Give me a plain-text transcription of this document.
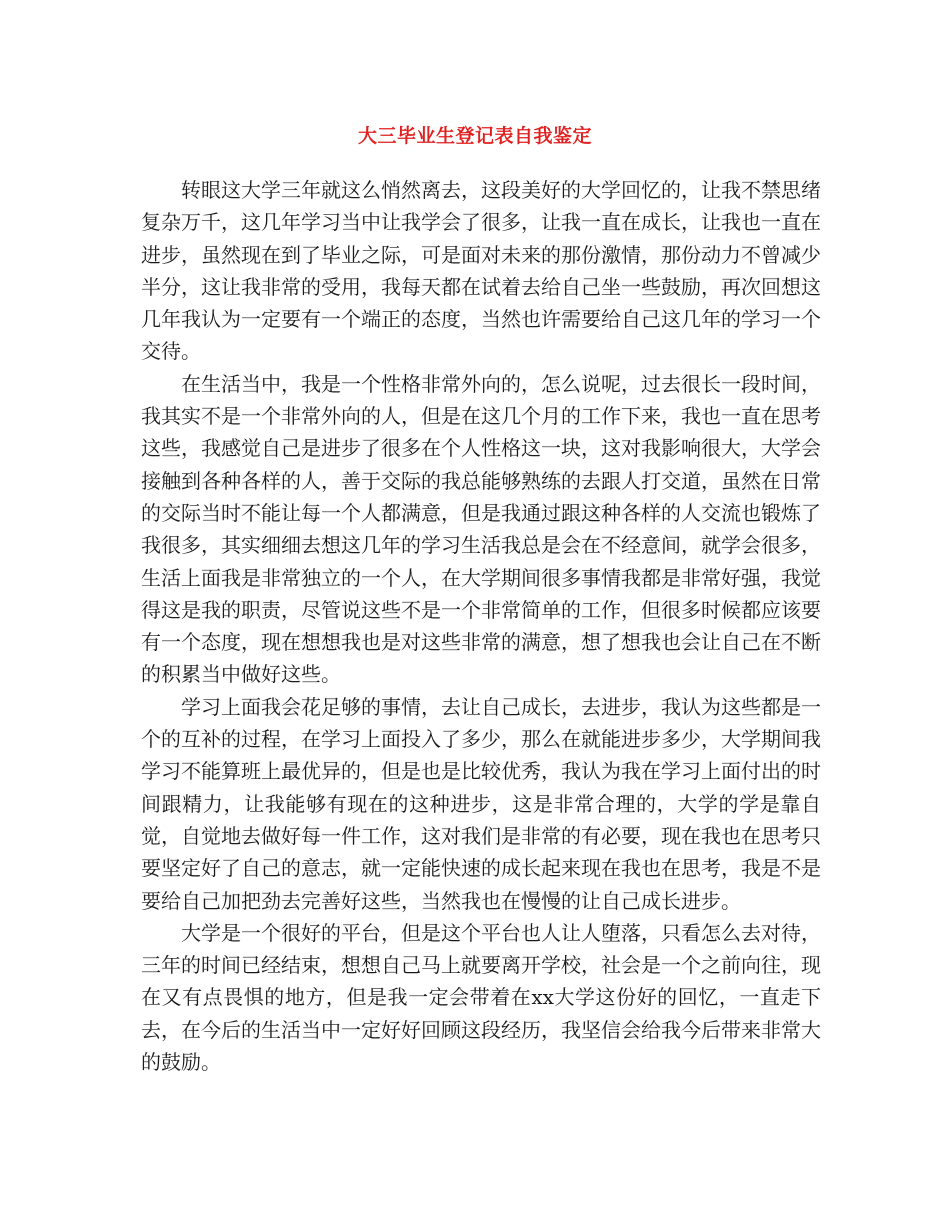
大三毕业生登记表自我鉴定

转眼这大学三年就这么悄然离去，这段美好的大学回忆的，让我不禁思绪复杂万千，这几年学习当中让我学会了很多，让我一直在成长，让我也一直在进步，虽然现在到了毕业之际，可是面对未来的那份激情，那份动力不曾减少半分，这让我非常的受用，我每天都在试着去给自己坐一些鼓励，再次回想这几年我认为一定要有一个端正的态度，当然也许需要给自己这几年的学习一个交待。

在生活当中，我是一个性格非常外向的，怎么说呢，过去很长一段时间，我其实不是一个非常外向的人，但是在这几个月的工作下来，我也一直在思考这些，我感觉自己是进步了很多在个人性格这一块，这对我影响很大，大学会接触到各种各样的人，善于交际的我总能够熟练的去跟人打交道，虽然在日常的交际当时不能让每一个人都满意，但是我通过跟这种各样的人交流也锻炼了我很多，其实细细去想这几年的学习生活我总是会在不经意间，就学会很多，生活上面我是非常独立的一个人，在大学期间很多事情我都是非常好强，我觉得这是我的职责，尽管说这些不是一个非常简单的工作，但很多时候都应该要有一个态度，现在想想我也是对这些非常的满意，想了想我也会让自己在不断的积累当中做好这些。

学习上面我会花足够的事情，去让自己成长，去进步，我认为这些都是一个的互补的过程，在学习上面投入了多少，那么在就能进步多少，大学期间我学习不能算班上最优异的，但是也是比较优秀，我认为我在学习上面付出的时间跟精力，让我能够有现在的这种进步，这是非常合理的，大学的学是靠自觉，自觉地去做好每一件工作，这对我们是非常的有必要，现在我也在思考只要坚定好了自己的意志，就一定能快速的成长起来现在我也在思考，我是不是要给自己加把劲去完善好这些，当然我也在慢慢的让自己成长进步。

大学是一个很好的平台，但是这个平台也人让人堕落，只看怎么去对待，三年的时间已经结束，想想自己马上就要离开学校，社会是一个之前向往，现在又有点畏惧的地方，但是我一定会带着在xx大学这份好的回忆，一直走下去，在今后的生活当中一定好好回顾这段经历，我坚信会给我今后带来非常大的鼓励。
